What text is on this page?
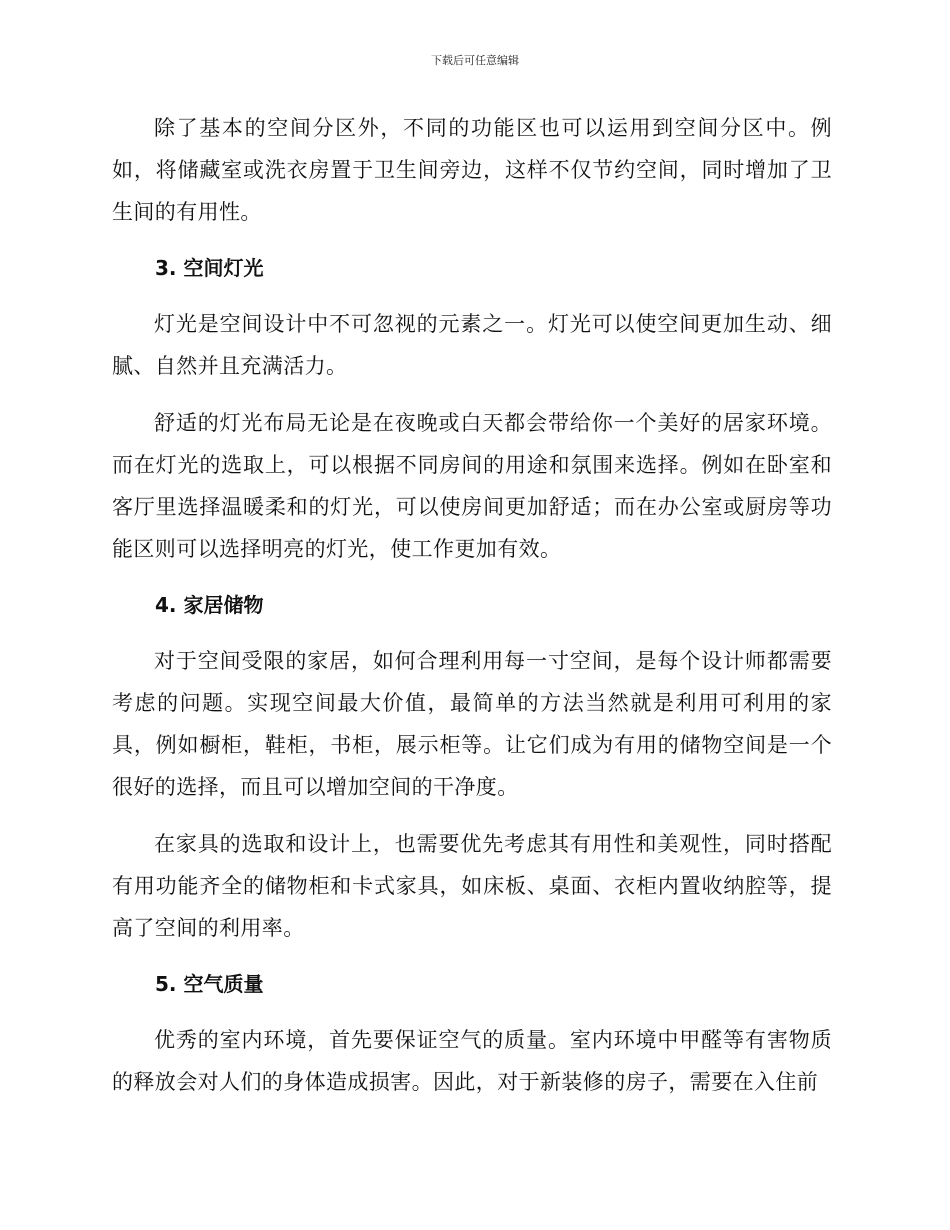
下载后可任意编辑

除了基本的空间分区外，不同的功能区也可以运用到空间分区中。例如，将储藏室或洗衣房置于卫生间旁边，这样不仅节约空间，同时增加了卫生间的有用性。

3. 空间灯光

灯光是空间设计中不可忽视的元素之一。灯光可以使空间更加生动、细腻、自然并且充满活力。

舒适的灯光布局无论是在夜晚或白天都会带给你一个美好的居家环境。而在灯光的选取上，可以根据不同房间的用途和氛围来选择。例如在卧室和客厅里选择温暖柔和的灯光，可以使房间更加舒适；而在办公室或厨房等功能区则可以选择明亮的灯光，使工作更加有效。

4. 家居储物

对于空间受限的家居，如何合理利用每一寸空间，是每个设计师都需要考虑的问题。实现空间最大价值，最简单的方法当然就是利用可利用的家具，例如橱柜，鞋柜，书柜，展示柜等。让它们成为有用的储物空间是一个很好的选择，而且可以增加空间的干净度。

在家具的选取和设计上，也需要优先考虑其有用性和美观性，同时搭配有用功能齐全的储物柜和卡式家具，如床板、桌面、衣柜内置收纳腔等，提高了空间的利用率。

5. 空气质量

优秀的室内环境，首先要保证空气的质量。室内环境中甲醛等有害物质的释放会对人们的身体造成损害。因此，对于新装修的房子，需要在入住前
